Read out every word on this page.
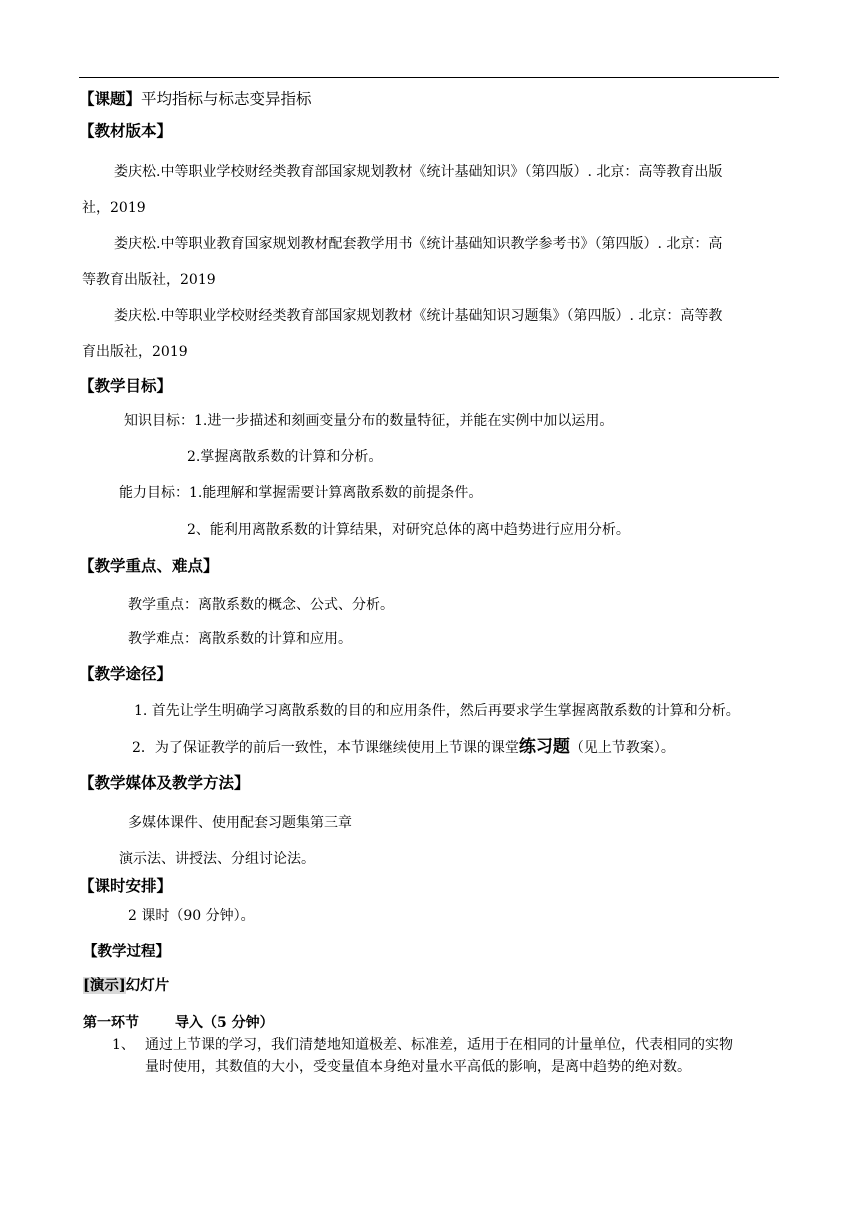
【课题】平均指标与标志变异指标
【教材版本】
娄庆松.中等职业学校财经类教育部国家规划教材《统计基础知识》（第四版）. 北京：高等教育出版
社，2019
娄庆松.中等职业教育国家规划教材配套教学用书《统计基础知识教学参考书》（第四版）. 北京：高
等教育出版社，2019
娄庆松.中等职业学校财经类教育部国家规划教材《统计基础知识习题集》（第四版）. 北京：高等教
育出版社，2019
【教学目标】
知识目标：1.进一步描述和刻画变量分布的数量特征，并能在实例中加以运用。
2.掌握离散系数的计算和分析。
能力目标：1.能理解和掌握需要计算离散系数的前提条件。
2、能利用离散系数的计算结果，对研究总体的离中趋势进行应用分析。
【教学重点、难点】
教学重点：离散系数的概念、公式、分析。
教学难点：离散系数的计算和应用。
【教学途径】
1. 首先让学生明确学习离散系数的目的和应用条件，然后再要求学生掌握离散系数的计算和分析。
2．为了保证教学的前后一致性，本节课继续使用上节课的课堂练习题（见上节教案）。
【教学媒体及教学方法】
多媒体课件、使用配套习题集第三章
演示法、讲授法、分组讨论法。
【课时安排】
2 课时（90 分钟）。
【教学过程】
[演示]幻灯片
第一环节	导入（5 分钟）
1、 通过上节课的学习，我们清楚地知道极差、标准差，适用于在相同的计量单位，代表相同的实物
量时使用，其数值的大小，受变量值本身绝对量水平高低的影响，是离中趋势的绝对数。
